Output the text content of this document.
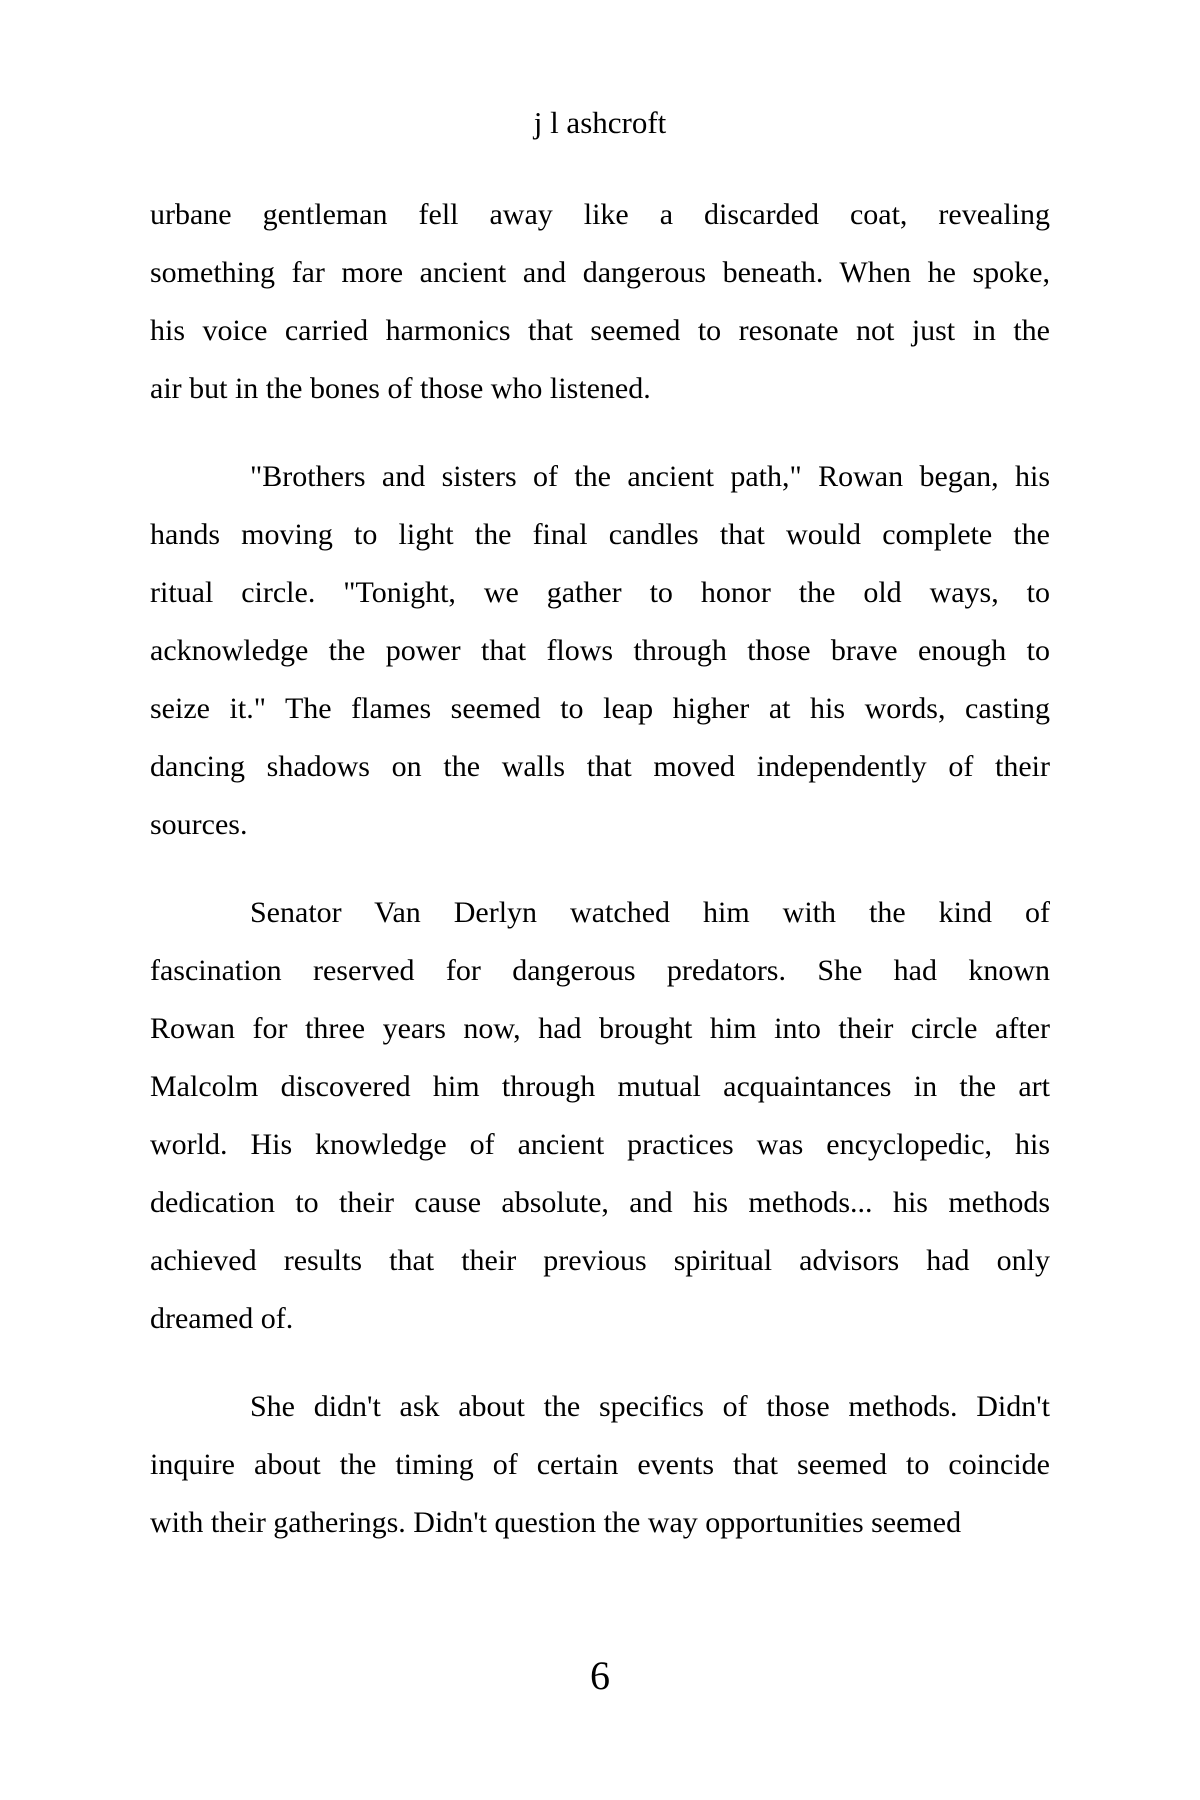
j l ashcroft
urbane gentleman fell away like a discarded coat, revealing
something far more ancient and dangerous beneath. When he spoke,
his voice carried harmonics that seemed to resonate not just in the
air but in the bones of those who listened.
"Brothers and sisters of the ancient path," Rowan began, his
hands moving to light the final candles that would complete the
ritual circle. "Tonight, we gather to honor the old ways, to
acknowledge the power that flows through those brave enough to
seize it." The flames seemed to leap higher at his words, casting
dancing shadows on the walls that moved independently of their
sources.
Senator Van Derlyn watched him with the kind of
fascination reserved for dangerous predators. She had known
Rowan for three years now, had brought him into their circle after
Malcolm discovered him through mutual acquaintances in the art
world. His knowledge of ancient practices was encyclopedic, his
dedication to their cause absolute, and his methods... his methods
achieved results that their previous spiritual advisors had only
dreamed of.
She didn't ask about the specifics of those methods. Didn't
inquire about the timing of certain events that seemed to coincide
with their gatherings. Didn't question the way opportunities seemed
6
